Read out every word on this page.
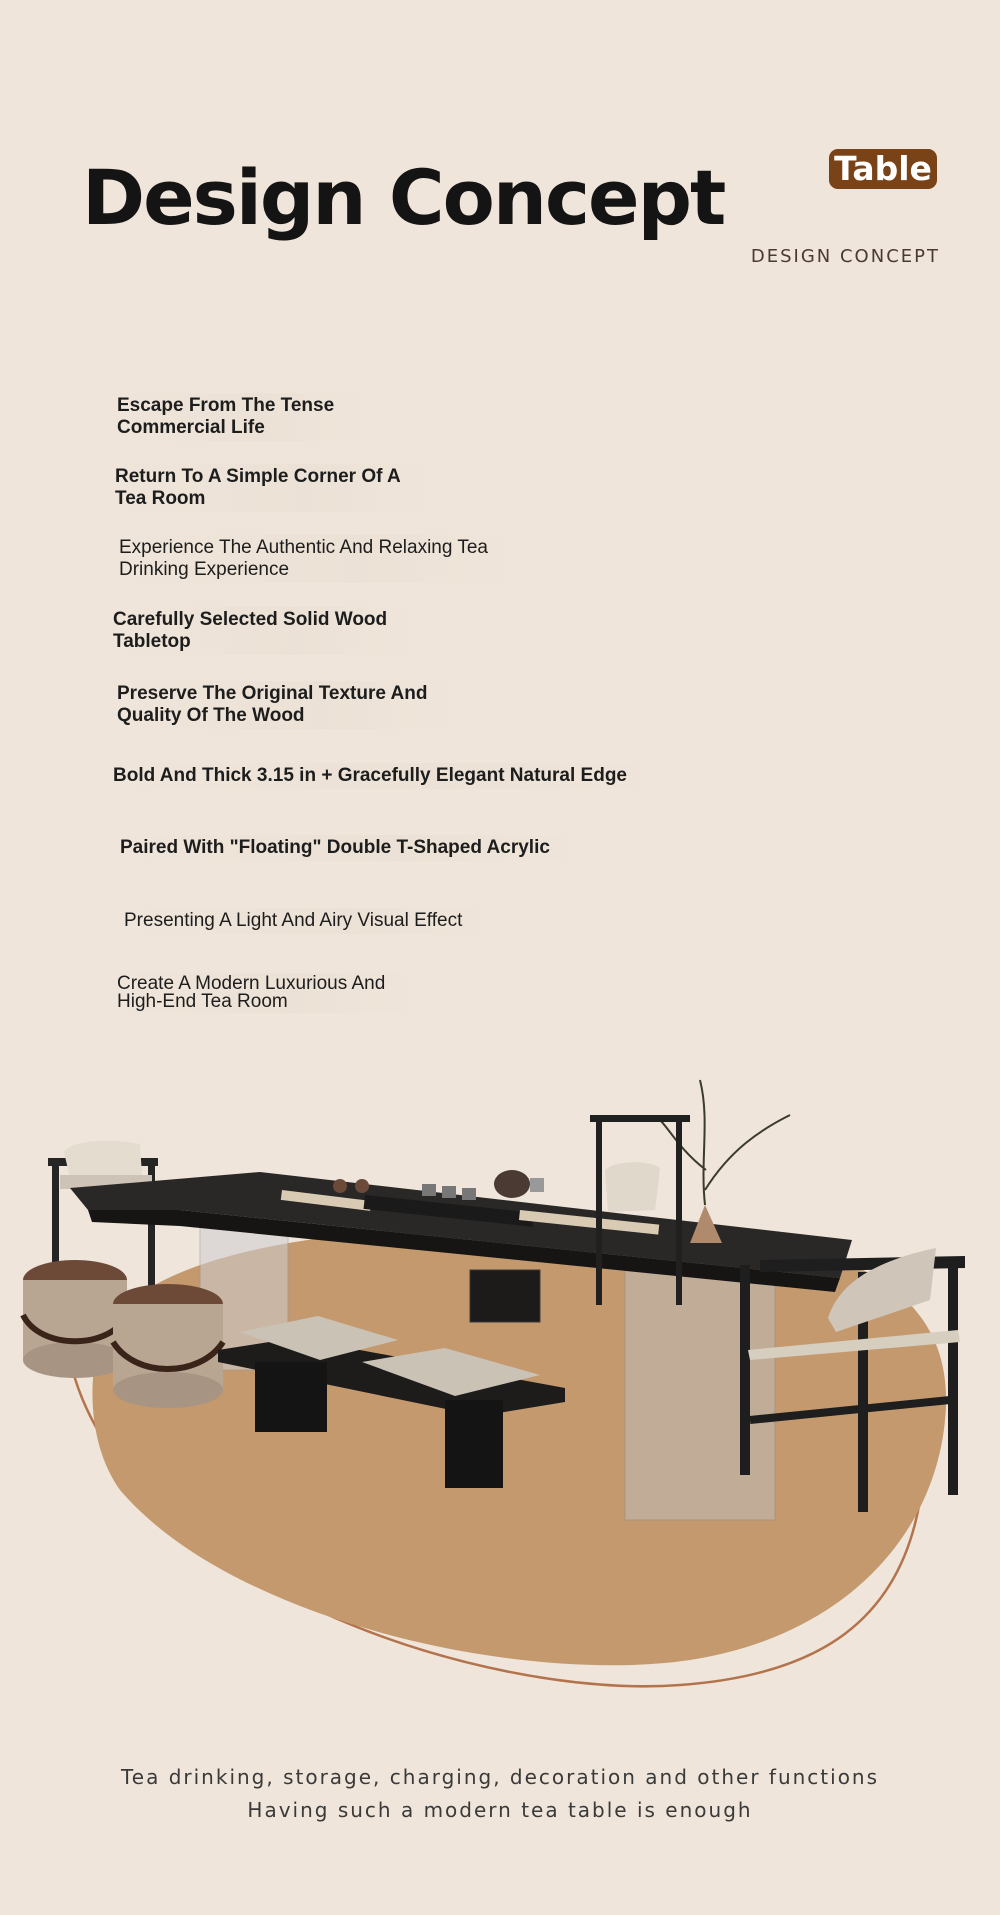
Design Concept	Table
DESIGN CONCEPT

Escape From The Tense
Commercial Life

Return To A Simple Corner Of A
Tea Room

Experience The Authentic And Relaxing Tea
Drinking Experience

Carefully Selected Solid Wood
Tabletop

Preserve The Original Texture And
Quality Of The Wood

Bold And Thick 3.15 in + Gracefully Elegant Natural Edge

Paired With "Floating" Double T-Shaped Acrylic

Presenting A Light And Airy Visual Effect

Create A Modern Luxurious And
High-End Tea Room

Tea drinking, storage, charging, decoration and other functions
Having such a modern tea table is enough
